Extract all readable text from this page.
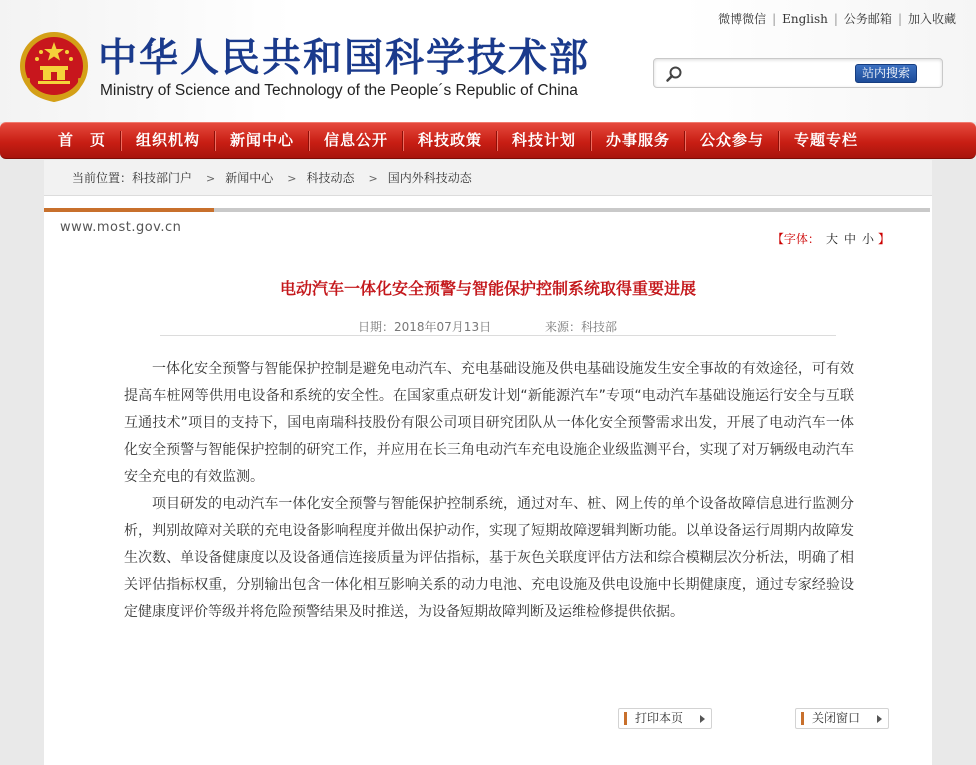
中华人民共和国科学技术部
Ministry of Science and Technology of the People´s Republic of China
微博微信 | English | 公务邮箱 | 加入收藏
站内搜索
首　页	组织机构	新闻中心	信息公开	科技政策	科技计划	办事服务	公众参与	专题专栏
当前位置：科技部门户 > 新闻中心 > 科技动态 > 国内外科技动态
www.most.gov.cn
【字体： 大 中 小 】
电动汽车一体化安全预警与智能保护控制系统取得重要进展
日期：2018年07月13日	来源：科技部

一体化安全预警与智能保护控制是避免电动汽车、充电基础设施及供电基础设施发生安全事故的有效途径，可有效提高车桩网等供用电设备和系统的安全性。在国家重点研发计划“新能源汽车”专项“电动汽车基础设施运行安全与互联互通技术”项目的支持下，国电南瑞科技股份有限公司项目研究团队从一体化安全预警需求出发，开展了电动汽车一体化安全预警与智能保护控制的研究工作，并应用在长三角电动汽车充电设施企业级监测平台，实现了对万辆级电动汽车安全充电的有效监测。

项目研发的电动汽车一体化安全预警与智能保护控制系统，通过对车、桩、网上传的单个设备故障信息进行监测分析，判别故障对关联的充电设备影响程度并做出保护动作，实现了短期故障逻辑判断功能。以单设备运行周期内故障发生次数、单设备健康度以及设备通信连接质量为评估指标，基于灰色关联度评估方法和综合模糊层次分析法，明确了相关评估指标权重，分别输出包含一体化相互影响关系的动力电池、充电设施及供电设施中长期健康度，通过专家经验设定健康度评价等级并将危险预警结果及时推送，为设备短期故障判断及运维检修提供依据。

打印本页	关闭窗口
